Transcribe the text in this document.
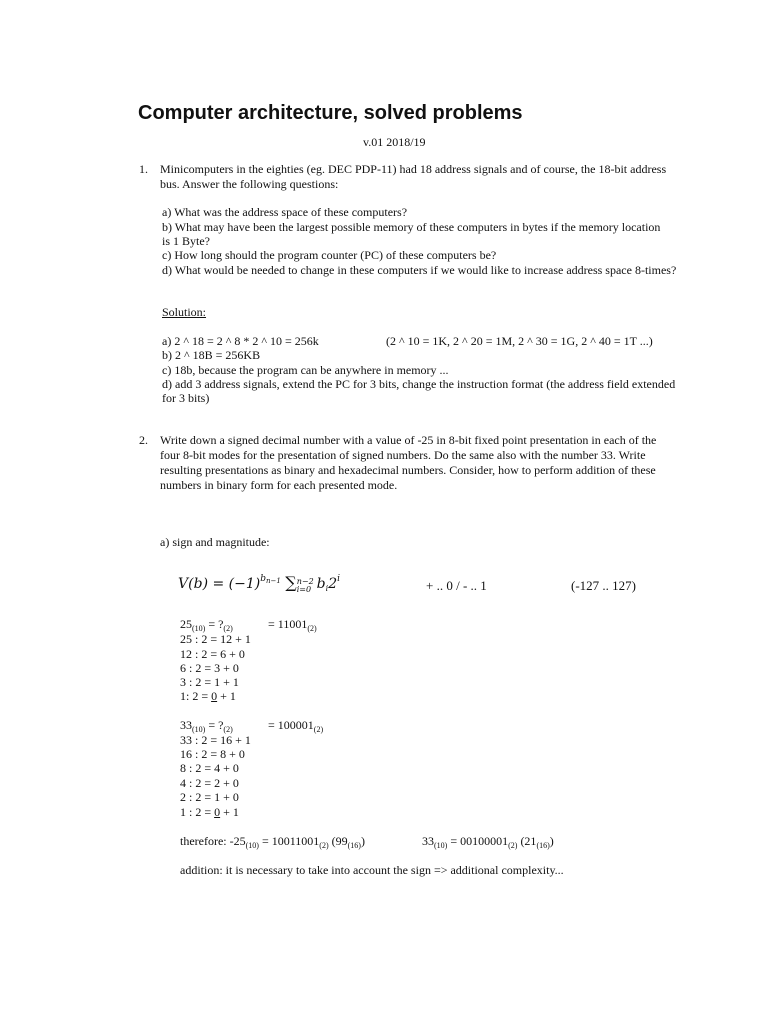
Computer architecture, solved problems
v.01 2018/19
1. Minicomputers in the eighties (eg. DEC PDP-11) had 18 address signals and of course, the 18-bit address
bus. Answer the following questions:
a) What was the address space of these computers?
b) What may have been the largest possible memory of these computers in bytes if the memory location
is 1 Byte?
c) How long should the program counter (PC) of these computers be?
d) What would be needed to change in these computers if we would like to increase address space 8-times?
Solution:
a) 2 ^ 18 = 2 ^ 8 * 2 ^ 10 = 256k	(2 ^ 10 = 1K, 2 ^ 20 = 1M, 2 ^ 30 = 1G, 2 ^ 40 = 1T ...)
b) 2 ^ 18B = 256KB
c) 18b, because the program can be anywhere in memory ...
d) add 3 address signals, extend the PC for 3 bits, change the instruction format (the address field extended
for 3 bits)
2. Write down a signed decimal number with a value of -25 in 8-bit fixed point presentation in each of the
four 8-bit modes for the presentation of signed numbers. Do the same also with the number 33. Write
resulting presentations as binary and hexadecimal numbers. Consider, how to perform addition of these
numbers in binary form for each presented mode.
a) sign and magnitude:
$V(b) = (-1)^{b_{n-1}}$ ∑ n−2
i=0 $b_i2^i$	+ .. 0 / - .. 1	(-127 .. 127)
$25_{(10)}$ = $?_{(2)}$	= $11001_{(2)}$
25 : 2 = 12 + 1
12 : 2 = 6 + 0
6 : 2 = 3 + 0
3 : 2 = 1 + 1
1: 2 = 0 + 1
$33_{(10)}$ = $?_{(2)}$	= $100001_{(2)}$
33 : 2 = 16 + 1
16 : 2 = 8 + 0
8 : 2 = 4 + 0
4 : 2 = 2 + 0
2 : 2 = 1 + 0
1 : 2 = 0 + 1
therefore: $-25_{(10)} = 10011001_{(2)}$ $(99_{(16)})$	$33_{(10)} = 00100001_{(2)}$ $(21_{(16)})$
addition: it is necessary to take into account the sign => additional complexity...
